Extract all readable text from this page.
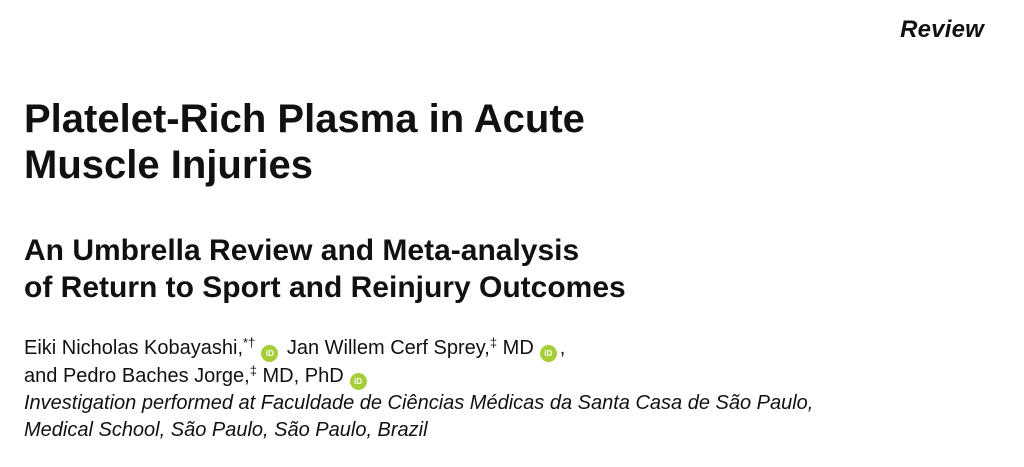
Review
Platelet-Rich Plasma in Acute
Muscle Injuries
An Umbrella Review and Meta-analysis
of Return to Sport and Reinjury Outcomes
Eiki Nicholas Kobayashi,*†iD Jan Willem Cerf Sprey,‡ MD iD ,
and Pedro Baches Jorge,‡ MD, PhD iD
Investigation performed at Faculdade de Ciências Médicas da Santa Casa de São Paulo,
Medical School, São Paulo, São Paulo, Brazil
